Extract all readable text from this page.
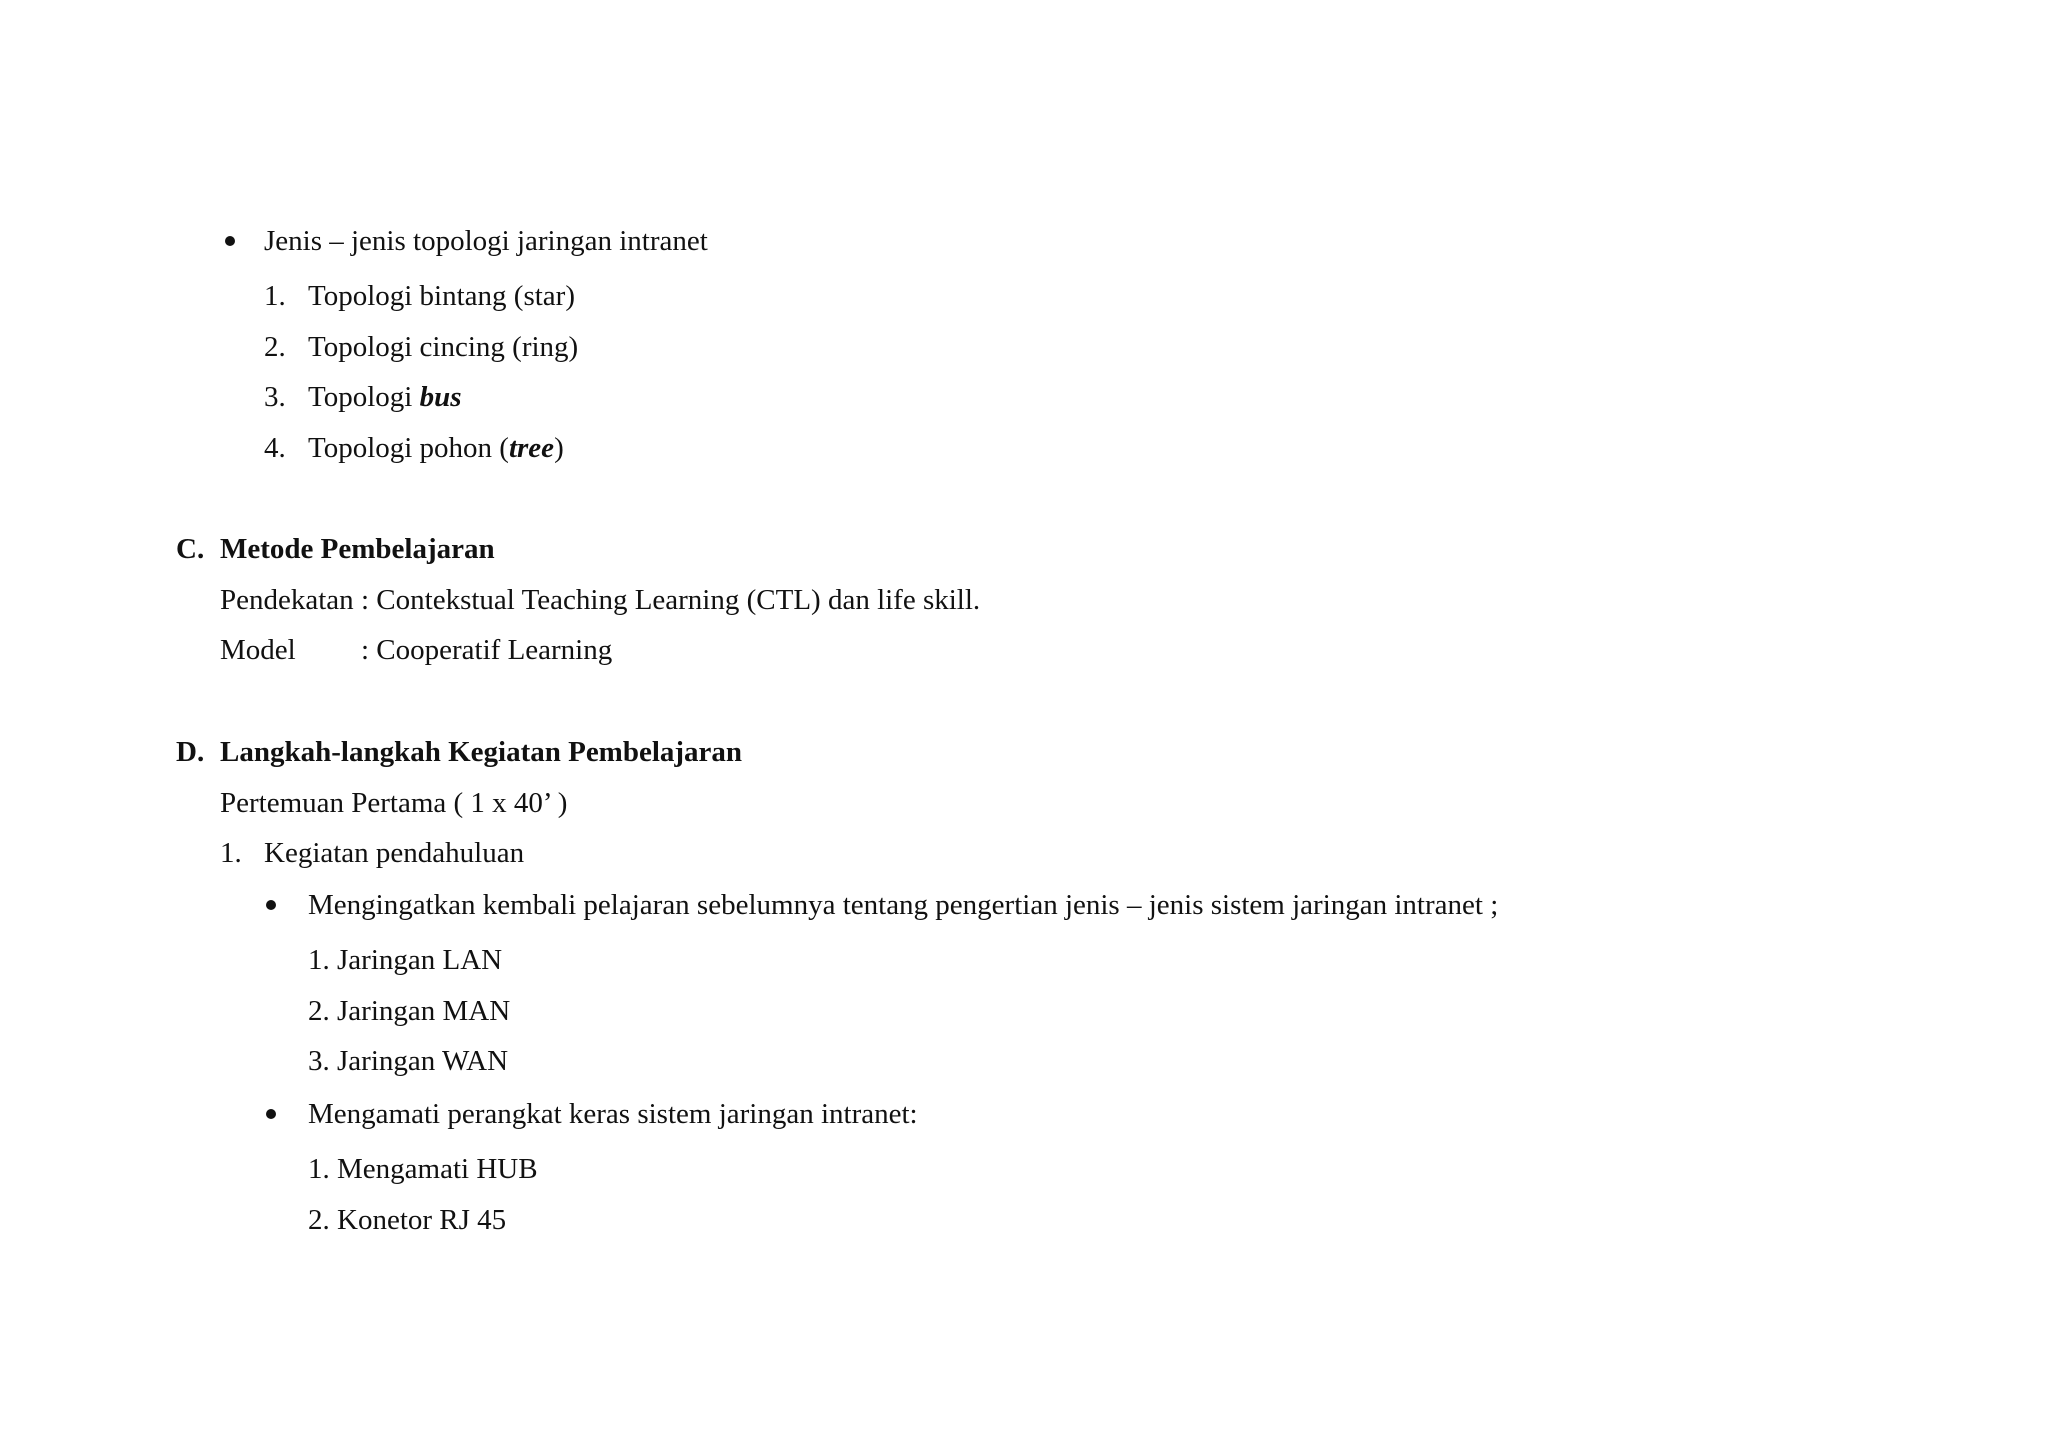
Jenis – jenis topologi jaringan intranet
1. Topologi bintang (star)
2. Topologi cincing (ring)
3. Topologi bus
4. Topologi pohon (tree)
C. Metode Pembelajaran
Pendekatan : Contekstual Teaching Learning (CTL) dan life skill.
Model : Cooperatif Learning
D. Langkah-langkah Kegiatan Pembelajaran
Pertemuan Pertama ( 1 x 40’ )
1. Kegiatan pendahuluan
Mengingatkan kembali pelajaran sebelumnya tentang pengertian jenis – jenis sistem jaringan intranet ;
1. Jaringan LAN
2. Jaringan MAN
3. Jaringan WAN
Mengamati perangkat keras sistem jaringan intranet:
1. Mengamati HUB
2. Konetor RJ 45
